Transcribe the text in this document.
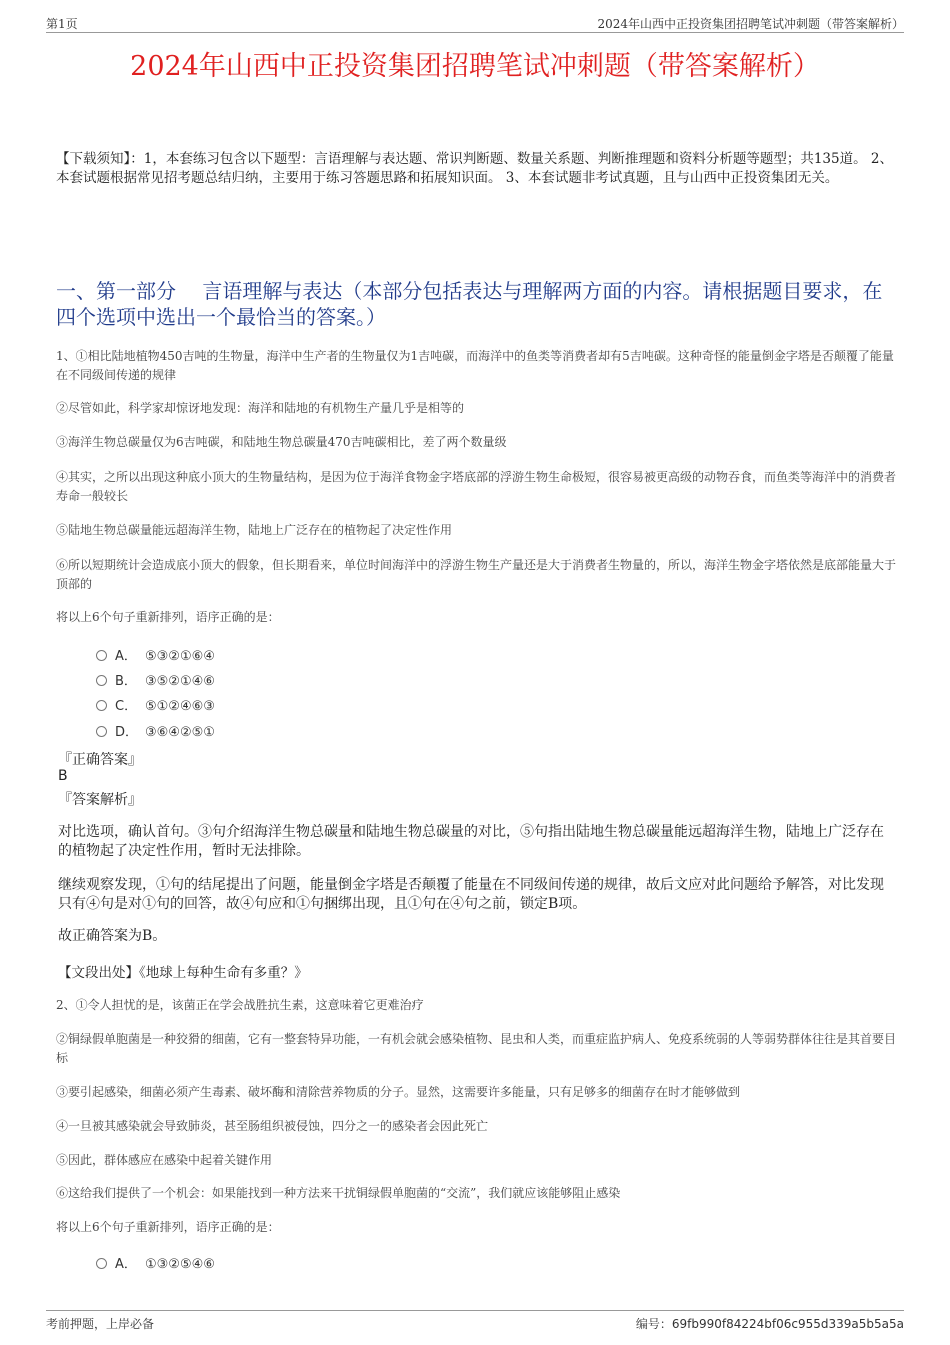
第1页	2024年山西中正投资集团招聘笔试冲刺题（带答案解析）
2024年山西中正投资集团招聘笔试冲刺题（带答案解析）
【下载须知】：1，本套练习包含以下题型：言语理解与表达题、常识判断题、数量关系题、判断推理题和资料分析题等题型；共135道。 2、本套试题根据常见招考题总结归纳，主要用于练习答题思路和拓展知识面。 3、本套试题非考试真题，且与山西中正投资集团无关。
一、第一部分　 言语理解与表达（本部分包括表达与理解两方面的内容。请根据题目要求，在四个选项中选出一个最恰当的答案。）
1、①相比陆地植物450吉吨的生物量，海洋中生产者的生物量仅为1吉吨碳，而海洋中的鱼类等消费者却有5吉吨碳。这种奇怪的能量倒金字塔是否颠覆了能量在不同级间传递的规律
②尽管如此，科学家却惊讶地发现：海洋和陆地的有机物生产量几乎是相等的
③海洋生物总碳量仅为6吉吨碳，和陆地生物总碳量470吉吨碳相比，差了两个数量级
④其实，之所以出现这种底小顶大的生物量结构，是因为位于海洋食物金字塔底部的浮游生物生命极短，很容易被更高级的动物吞食，而鱼类等海洋中的消费者寿命一般较长
⑤陆地生物总碳量能远超海洋生物，陆地上广泛存在的植物起了决定性作用
⑥所以短期统计会造成底小顶大的假象，但长期看来，单位时间海洋中的浮游生物生产量还是大于消费者生物量的，所以，海洋生物金字塔依然是底部能量大于顶部的
将以上6个句子重新排列，语序正确的是：
A． ⑤③②①⑥④
B． ③⑤②①④⑥
C． ⑤①②④⑥③
D． ③⑥④②⑤①
『正确答案』
B
『答案解析』
对比选项，确认首句。③句介绍海洋生物总碳量和陆地生物总碳量的对比，⑤句指出陆地生物总碳量能远超海洋生物，陆地上广泛存在的植物起了决定性作用，暂时无法排除。
继续观察发现，①句的结尾提出了问题，能量倒金字塔是否颠覆了能量在不同级间传递的规律，故后文应对此问题给予解答，对比发现只有④句是对①句的回答，故④句应和①句捆绑出现，且①句在④句之前，锁定B项。
故正确答案为B。
【文段出处】《地球上每种生命有多重？》
2、①令人担忧的是，该菌正在学会战胜抗生素，这意味着它更难治疗
②铜绿假单胞菌是一种狡猾的细菌，它有一整套特异功能，一有机会就会感染植物、昆虫和人类，而重症监护病人、免疫系统弱的人等弱势群体往往是其首要目标
③要引起感染，细菌必须产生毒素、破坏酶和清除营养物质的分子。显然，这需要许多能量，只有足够多的细菌存在时才能够做到
④一旦被其感染就会导致肺炎，甚至肠组织被侵蚀，四分之一的感染者会因此死亡
⑤因此，群体感应在感染中起着关键作用
⑥这给我们提供了一个机会：如果能找到一种方法来干扰铜绿假单胞菌的“交流”，我们就应该能够阻止感染
将以上6个句子重新排列，语序正确的是：
A． ①③②⑤④⑥
考前押题，上岸必备	编号：69fb990f84224bf06c955d339a5b5a5a
